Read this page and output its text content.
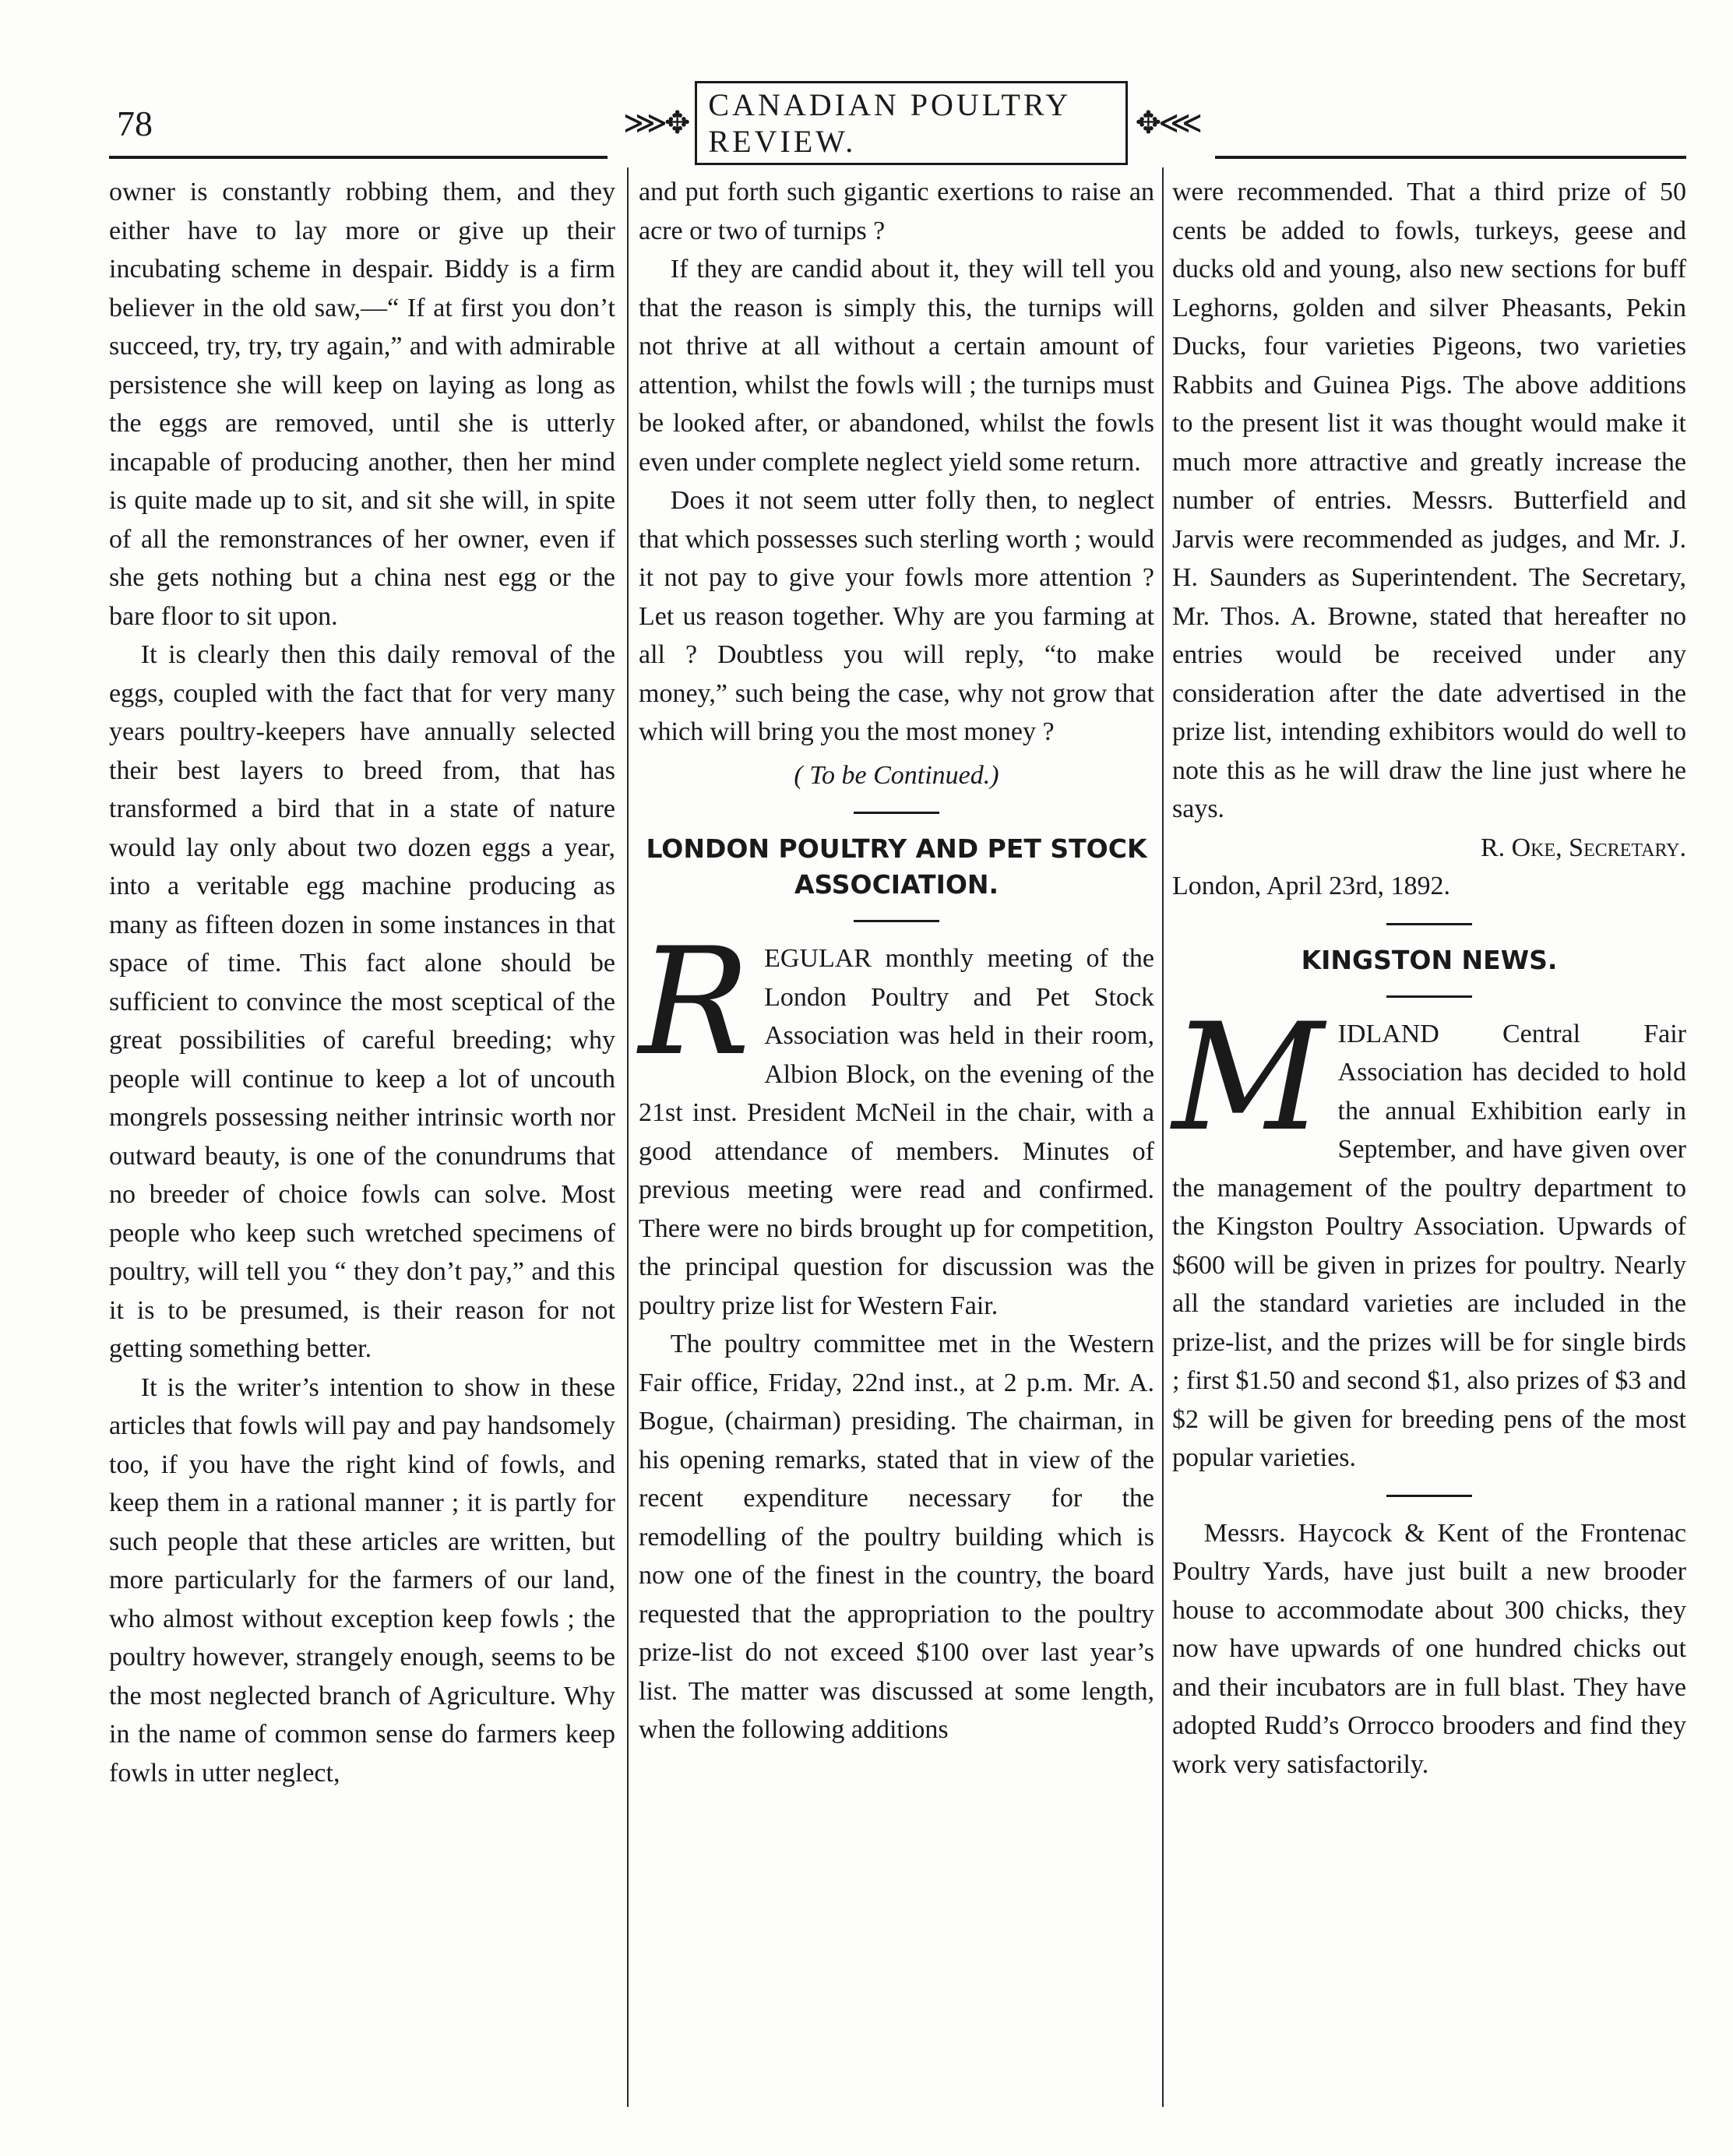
78	⋙✥
CANADIAN POULTRY REVIEW.
✥⋘

owner is constantly robbing them, and they either have to lay more or give up their incubating scheme in despair. Biddy is a firm believer in the old saw,—“ If at first you don’t succeed, try, try, try again,” and with admirable persistence she will keep on laying as long as the eggs are removed, until she is utterly incapable of producing another, then her mind is quite made up to sit, and sit she will, in spite of all the remonstrances of her owner, even if she gets nothing but a china nest egg or the bare floor to sit upon.

It is clearly then this daily removal of the eggs, coupled with the fact that for very many years poultry-keepers have annually selected their best layers to breed from, that has transformed a bird that in a state of nature would lay only about two dozen eggs a year, into a veritable egg machine producing as many as fifteen dozen in some instances in that space of time. This fact alone should be sufficient to convince the most sceptical of the great possibilities of careful breeding; why people will continue to keep a lot of uncouth mongrels possessing neither intrinsic worth nor outward beauty, is one of the conundrums that no breeder of choice fowls can solve. Most people who keep such wretched specimens of poultry, will tell you “ they don’t pay,” and this it is to be presumed, is their reason for not getting something better.

It is the writer’s intention to show in these articles that fowls will pay and pay handsomely too, if you have the right kind of fowls, and keep them in a rational manner ; it is partly for such people that these articles are written, but more particularly for the farmers of our land, who almost without exception keep fowls ; the poultry however, strangely enough, seems to be the most neglected branch of Agriculture. Why in the name of common sense do farmers keep fowls in utter neglect,

and put forth such gigantic exertions to raise an acre or two of turnips ?

If they are candid about it, they will tell you that the reason is simply this, the turnips will not thrive at all without a certain amount of attention, whilst the fowls will ; the turnips must be looked after, or abandoned, whilst the fowls even under complete neglect yield some return.

Does it not seem utter folly then, to neglect that which possesses such sterling worth ; would it not pay to give your fowls more attention ? Let us reason together. Why are you farming at all ? Doubtless you will reply, “to make money,” such being the case, why not grow that which will bring you the most money ?

( To be Continued.)
LONDON POULTRY AND PET STOCK ASSOCIATION.
R EGULAR monthly meeting of the London Poultry and Pet Stock Association was held in their room, Albion Block, on the evening of the 21st inst. President McNeil in the chair, with a good attendance of members. Minutes of previous meeting were read and confirmed. There were no birds brought up for competition, the principal question for discussion was the poultry prize list for Western Fair.

The poultry committee met in the Western Fair office, Friday, 22nd inst., at 2 p.m. Mr. A. Bogue, (chairman) presiding. The chairman, in his opening remarks, stated that in view of the recent expenditure necessary for the remodelling of the poultry building which is now one of the finest in the country, the board requested that the appropriation to the poultry prize-list do not exceed $100 over last year’s list. The matter was discussed at some length, when the following additions

were recommended. That a third prize of 50 cents be added to fowls, turkeys, geese and ducks old and young, also new sections for buff Leghorns, golden and silver Pheasants, Pekin Ducks, four varieties Pigeons, two varieties Rabbits and Guinea Pigs. The above additions to the present list it was thought would make it much more attractive and greatly increase the number of entries. Messrs. Butterfield and Jarvis were recommended as judges, and Mr. J. H. Saunders as Superintendent. The Secretary, Mr. Thos. A. Browne, stated that hereafter no entries would be received under any consideration after the date advertised in the prize list, intending exhibitors would do well to note this as he will draw the line just where he says.

R. Oke, Secretary.

London, April 23rd, 1892.

KINGSTON NEWS.
M IDLAND Central Fair Association has decided to hold the annual Exhibition early in September, and have given over the management of the poultry department to the Kingston Poultry Association. Upwards of $600 will be given in prizes for poultry. Nearly all the standard varieties are included in the prize-list, and the prizes will be for single birds ; first $1.50 and second $1, also prizes of $3 and $2 will be given for breeding pens of the most popular varieties.

Messrs. Haycock & Kent of the Frontenac Poultry Yards, have just built a new brooder house to accommodate about 300 chicks, they now have upwards of one hundred chicks out and their incubators are in full blast. They have adopted Rudd’s Orrocco brooders and find they work very satisfactorily.
